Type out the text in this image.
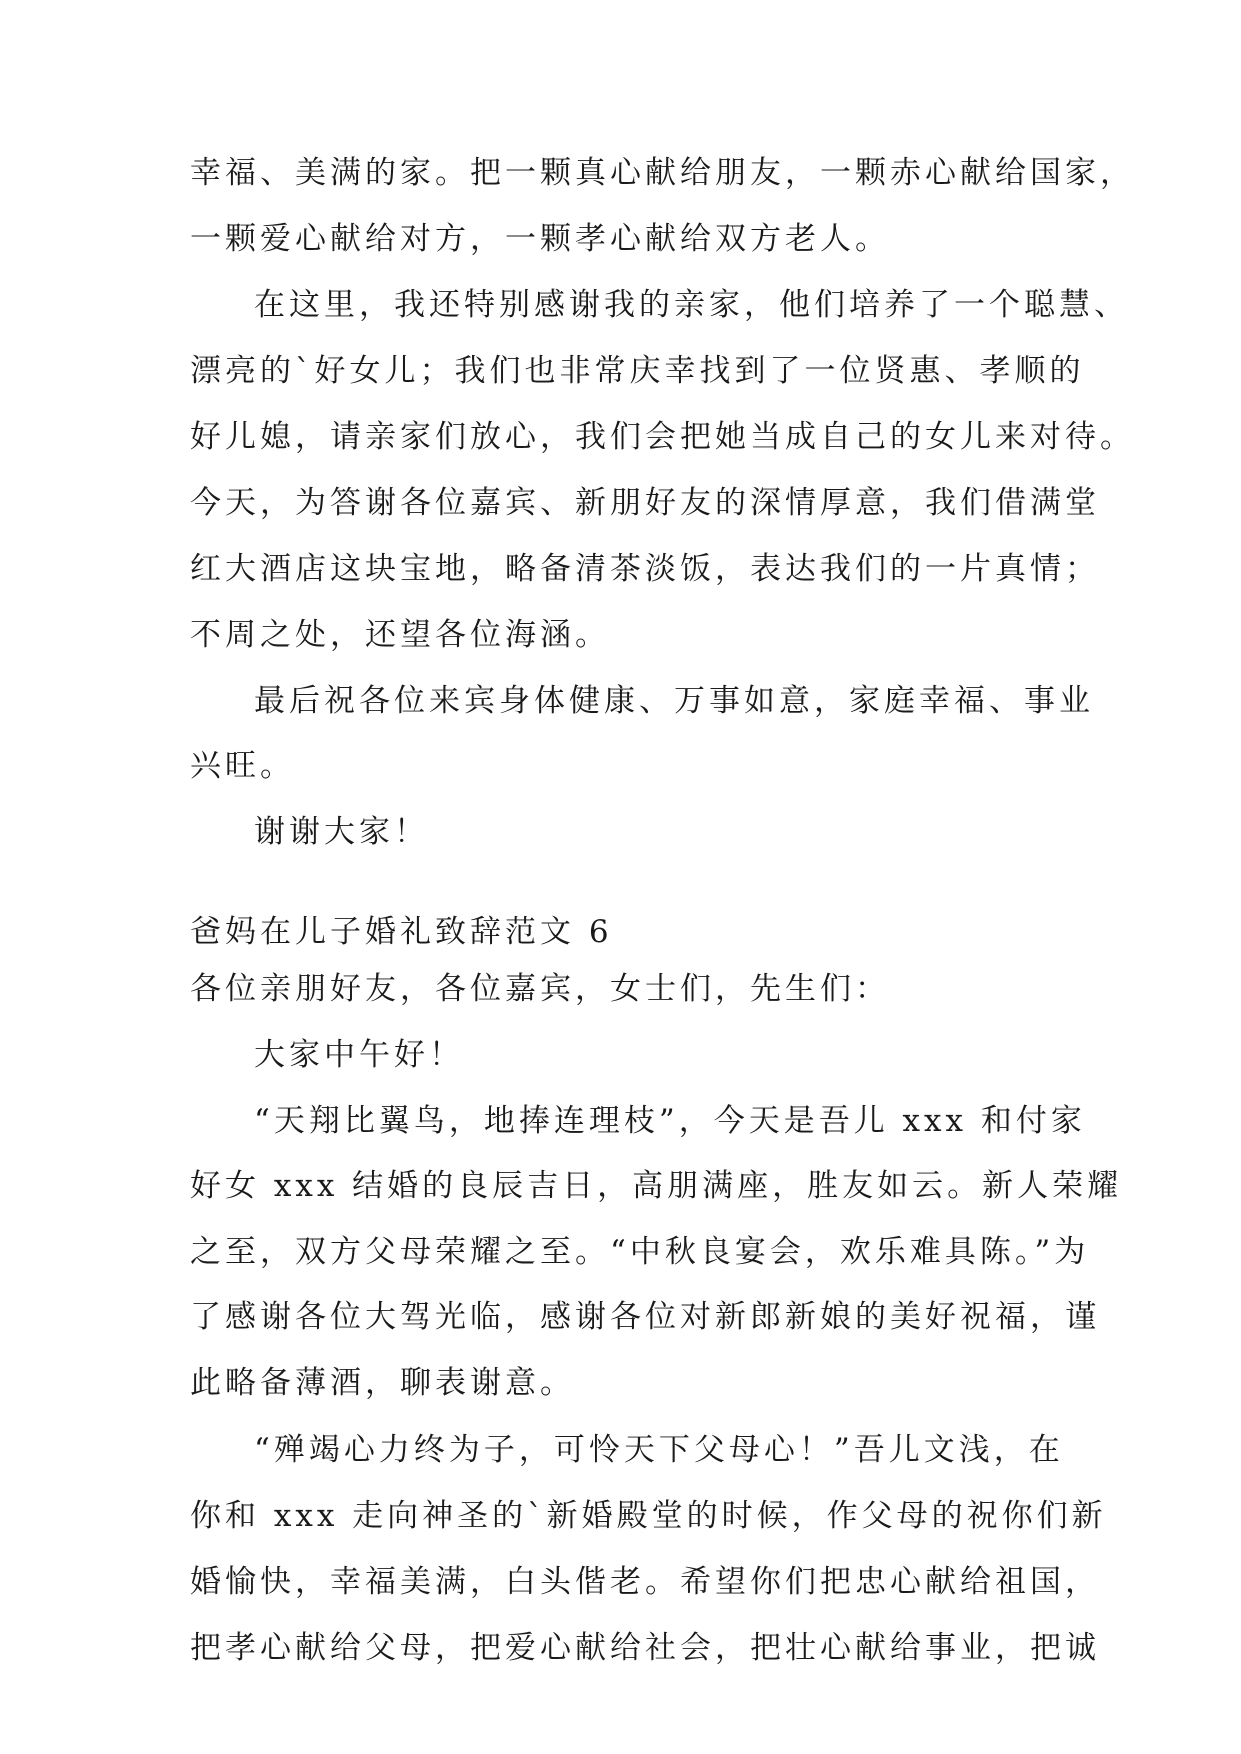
幸福、美满的家。把一颗真心献给朋友，一颗赤心献给国家，
一颗爱心献给对方，一颗孝心献给双方老人。
在这里，我还特别感谢我的亲家，他们培养了一个聪慧、
漂亮的`好女儿；我们也非常庆幸找到了一位贤惠、孝顺的
好儿媳，请亲家们放心，我们会把她当成自己的女儿来对待。
今天，为答谢各位嘉宾、新朋好友的深情厚意，我们借满堂
红大酒店这块宝地，略备清茶淡饭，表达我们的一片真情；
不周之处，还望各位海涵。
最后祝各位来宾身体健康、万事如意，家庭幸福、事业
兴旺。
谢谢大家！
爸妈在儿子婚礼致辞范文 6
各位亲朋好友，各位嘉宾，女士们，先生们：
大家中午好！
“天翔比翼鸟，地捧连理枝”，今天是吾儿 xxx 和付家
好女 xxx 结婚的良辰吉日，高朋满座，胜友如云。新人荣耀
之至，双方父母荣耀之至。“中秋良宴会，欢乐难具陈。”为
了感谢各位大驾光临，感谢各位对新郎新娘的美好祝福，谨
此略备薄酒，聊表谢意。
“殚竭心力终为子，可怜天下父母心！”吾儿文浅，在
你和 xxx 走向神圣的`新婚殿堂的时候，作父母的祝你们新
婚愉快，幸福美满，白头偕老。希望你们把忠心献给祖国，
把孝心献给父母，把爱心献给社会，把壮心献给事业，把诚
